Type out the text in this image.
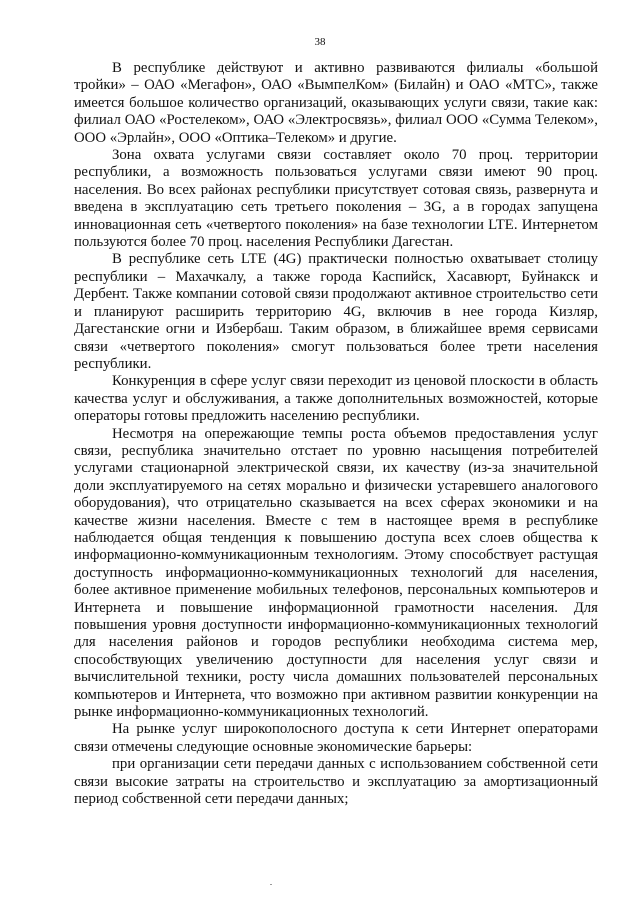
38

В республике действуют и активно развиваются филиалы «большой тройки» – ОАО «Мегафон», ОАО «ВымпелКом» (Билайн) и ОАО «МТС», также имеется большое количество организаций, оказывающих услуги связи, такие как: филиал ОАО «Ростелеком», ОАО «Электросвязь», филиал ООО «Сумма Телеком», ООО «Эрлайн», ООО «Оптика–Телеком» и другие.

Зона охвата услугами связи составляет около 70 проц. территории республики, а возможность пользоваться услугами связи имеют 90 проц. населения. Во всех районах республики присутствует сотовая связь, развернута и введена в эксплуатацию сеть третьего поколения – 3G, а в городах запущена инновационная сеть «четвертого поколения» на базе технологии LTE. Интернетом пользуются более 70 проц. населения Республики Дагестан.

В республике сеть LTE (4G) практически полностью охватывает столицу республики – Махачкалу, а также города Каспийск, Хасавюрт, Буйнакск и Дербент. Также компании сотовой связи продолжают активное строительство сети и планируют расширить территорию 4G, включив в нее города Кизляр, Дагестанские огни и Избербаш. Таким образом, в ближайшее время сервисами связи «четвертого поколения» смогут пользоваться более трети населения республики.

Конкуренция в сфере услуг связи переходит из ценовой плоскости в область качества услуг и обслуживания, а также дополнительных возможностей, которые операторы готовы предложить населению республики.

Несмотря на опережающие темпы роста объемов предоставления услуг связи, республика значительно отстает по уровню насыщения потребителей услугами стационарной электрической связи, их качеству (из-за значительной доли эксплуатируемого на сетях морально и физически устаревшего аналогового оборудования), что отрицательно сказывается на всех сферах экономики и на качестве жизни населения. Вместе с тем в настоящее время в республике наблюдается общая тенденция к повышению доступа всех слоев общества к информационно-коммуникационным технологиям. Этому способствует растущая доступность информационно-коммуникационных технологий для населения, более активное применение мобильных телефонов, персональных компьютеров и Интернета и повышение информационной грамотности населения. Для повышения уровня доступности информационно-коммуникационных технологий для населения районов и городов республики необходима система мер, способствующих увеличению доступности для населения услуг связи и вычислительной техники, росту числа домашних пользователей персональных компьютеров и Интернета, что возможно при активном развитии конкуренции на рынке информационно-коммуникационных технологий.

На рынке услуг широкополосного доступа к сети Интернет операторами связи отмечены следующие основные экономические барьеры:

при организации сети передачи данных с использованием собственной сети связи высокие затраты на строительство и эксплуатацию за амортизационный период собственной сети передачи данных;
